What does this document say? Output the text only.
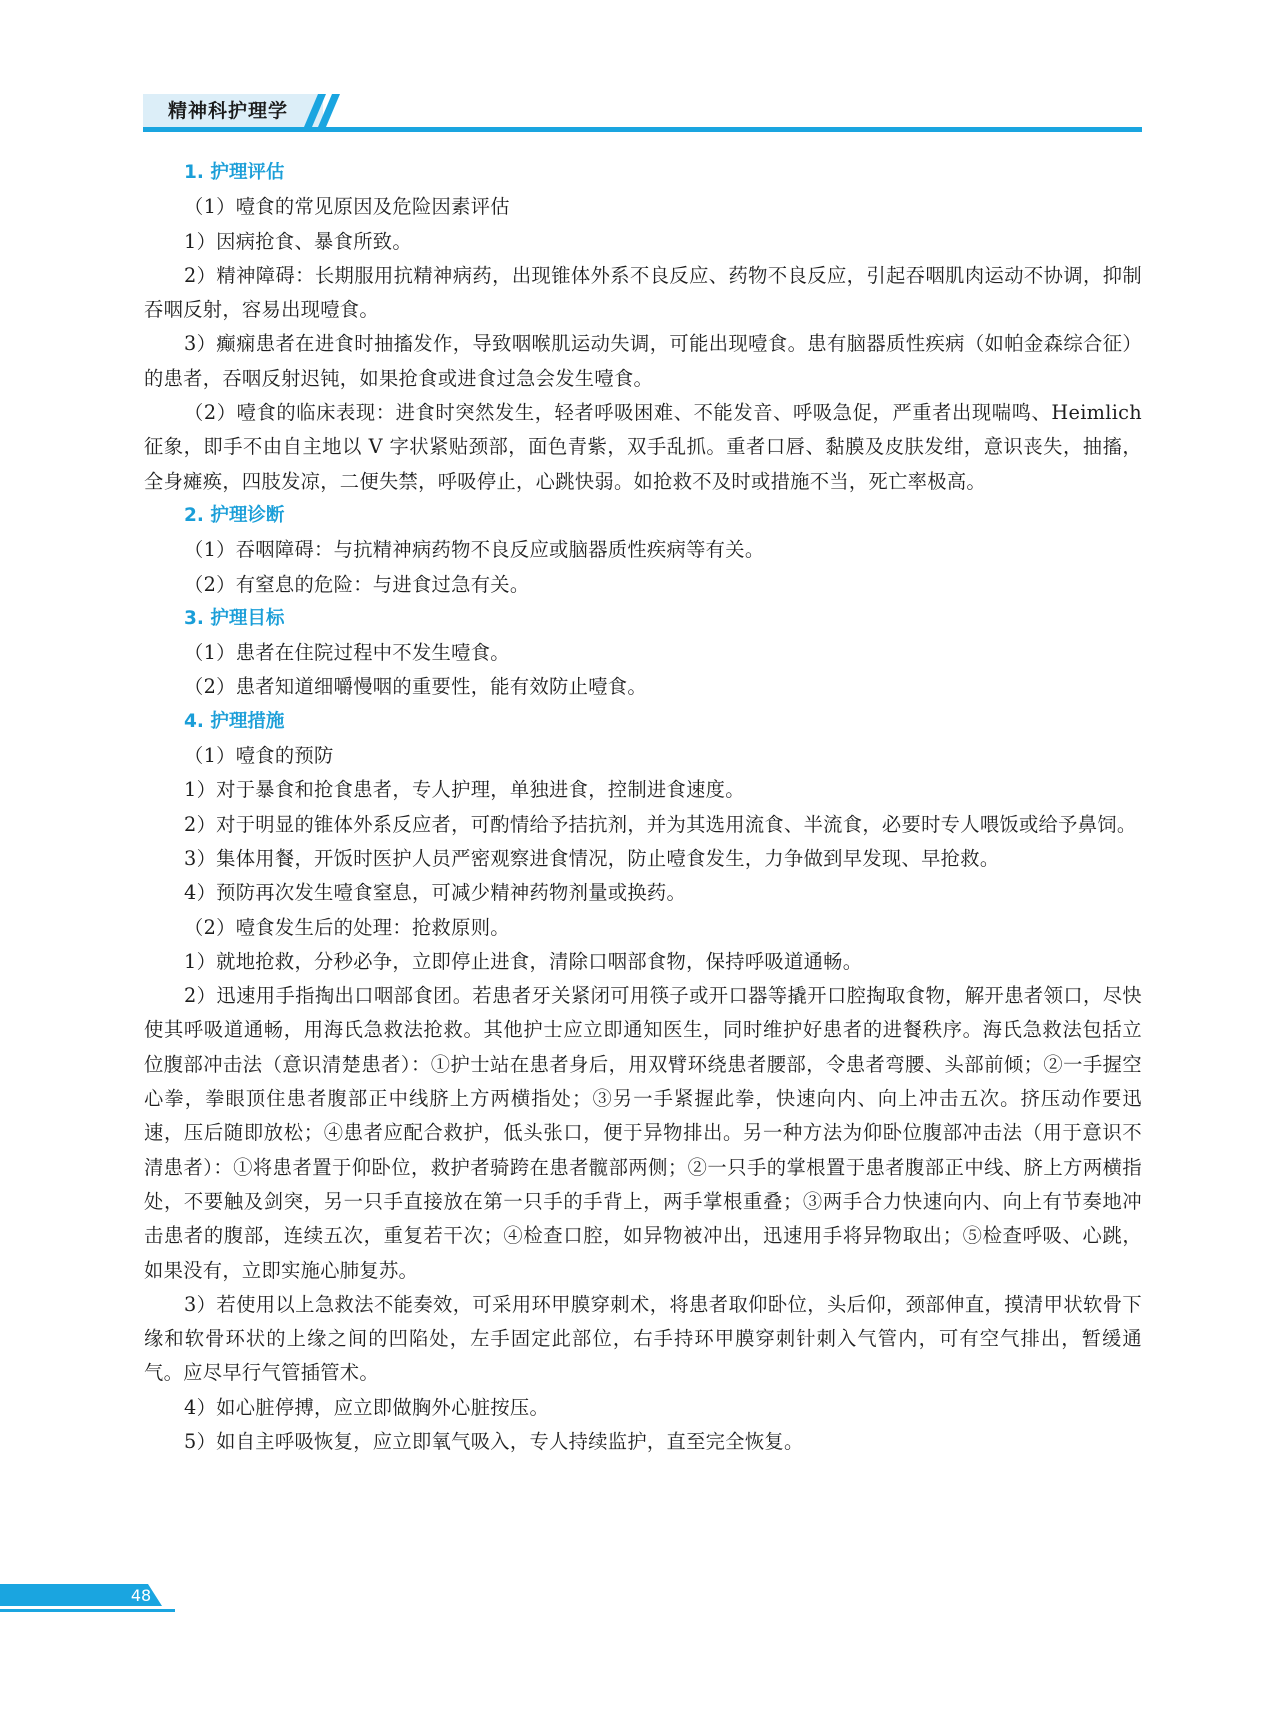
精神科护理学

1. 护理评估

（1）噎食的常见原因及危险因素评估

1）因病抢食、暴食所致。

2）精神障碍：长期服用抗精神病药，出现锥体外系不良反应、药物不良反应，引起吞咽肌肉运动不协调，抑制吞咽反射，容易出现噎食。

3）癫痫患者在进食时抽搐发作，导致咽喉肌运动失调，可能出现噎食。患有脑器质性疾病（如帕金森综合征）的患者，吞咽反射迟钝，如果抢食或进食过急会发生噎食。

（2）噎食的临床表现：进食时突然发生，轻者呼吸困难、不能发音、呼吸急促，严重者出现喘鸣、Heimlich 征象，即手不由自主地以 V 字状紧贴颈部，面色青紫，双手乱抓。重者口唇、黏膜及皮肤发绀，意识丧失，抽搐，全身瘫痪，四肢发凉，二便失禁，呼吸停止，心跳快弱。如抢救不及时或措施不当，死亡率极高。

2. 护理诊断

（1）吞咽障碍：与抗精神病药物不良反应或脑器质性疾病等有关。

（2）有窒息的危险：与进食过急有关。

3. 护理目标

（1）患者在住院过程中不发生噎食。

（2）患者知道细嚼慢咽的重要性，能有效防止噎食。

4. 护理措施

（1）噎食的预防

1）对于暴食和抢食患者，专人护理，单独进食，控制进食速度。

2）对于明显的锥体外系反应者，可酌情给予拮抗剂，并为其选用流食、半流食，必要时专人喂饭或给予鼻饲。

3）集体用餐，开饭时医护人员严密观察进食情况，防止噎食发生，力争做到早发现、早抢救。

4）预防再次发生噎食窒息，可减少精神药物剂量或换药。

（2）噎食发生后的处理：抢救原则。

1）就地抢救，分秒必争，立即停止进食，清除口咽部食物，保持呼吸道通畅。

2）迅速用手指掏出口咽部食团。若患者牙关紧闭可用筷子或开口器等撬开口腔掏取食物，解开患者领口，尽快使其呼吸道通畅，用海氏急救法抢救。其他护士应立即通知医生，同时维护好患者的进餐秩序。海氏急救法包括立位腹部冲击法（意识清楚患者）：①护士站在患者身后，用双臂环绕患者腰部，令患者弯腰、头部前倾；②一手握空心拳，拳眼顶住患者腹部正中线脐上方两横指处；③另一手紧握此拳，快速向内、向上冲击五次。挤压动作要迅速，压后随即放松；④患者应配合救护，低头张口，便于异物排出。另一种方法为仰卧位腹部冲击法（用于意识不清患者）：①将患者置于仰卧位，救护者骑跨在患者髋部两侧；②一只手的掌根置于患者腹部正中线、脐上方两横指处，不要触及剑突，另一只手直接放在第一只手的手背上，两手掌根重叠；③两手合力快速向内、向上有节奏地冲击患者的腹部，连续五次，重复若干次；④检查口腔，如异物被冲出，迅速用手将异物取出；⑤检查呼吸、心跳，如果没有，立即实施心肺复苏。

3）若使用以上急救法不能奏效，可采用环甲膜穿刺术，将患者取仰卧位，头后仰，颈部伸直，摸清甲状软骨下缘和软骨环状的上缘之间的凹陷处，左手固定此部位，右手持环甲膜穿刺针刺入气管内，可有空气排出，暂缓通气。应尽早行气管插管术。

4）如心脏停搏，应立即做胸外心脏按压。

5）如自主呼吸恢复，应立即氧气吸入，专人持续监护，直至完全恢复。

48
